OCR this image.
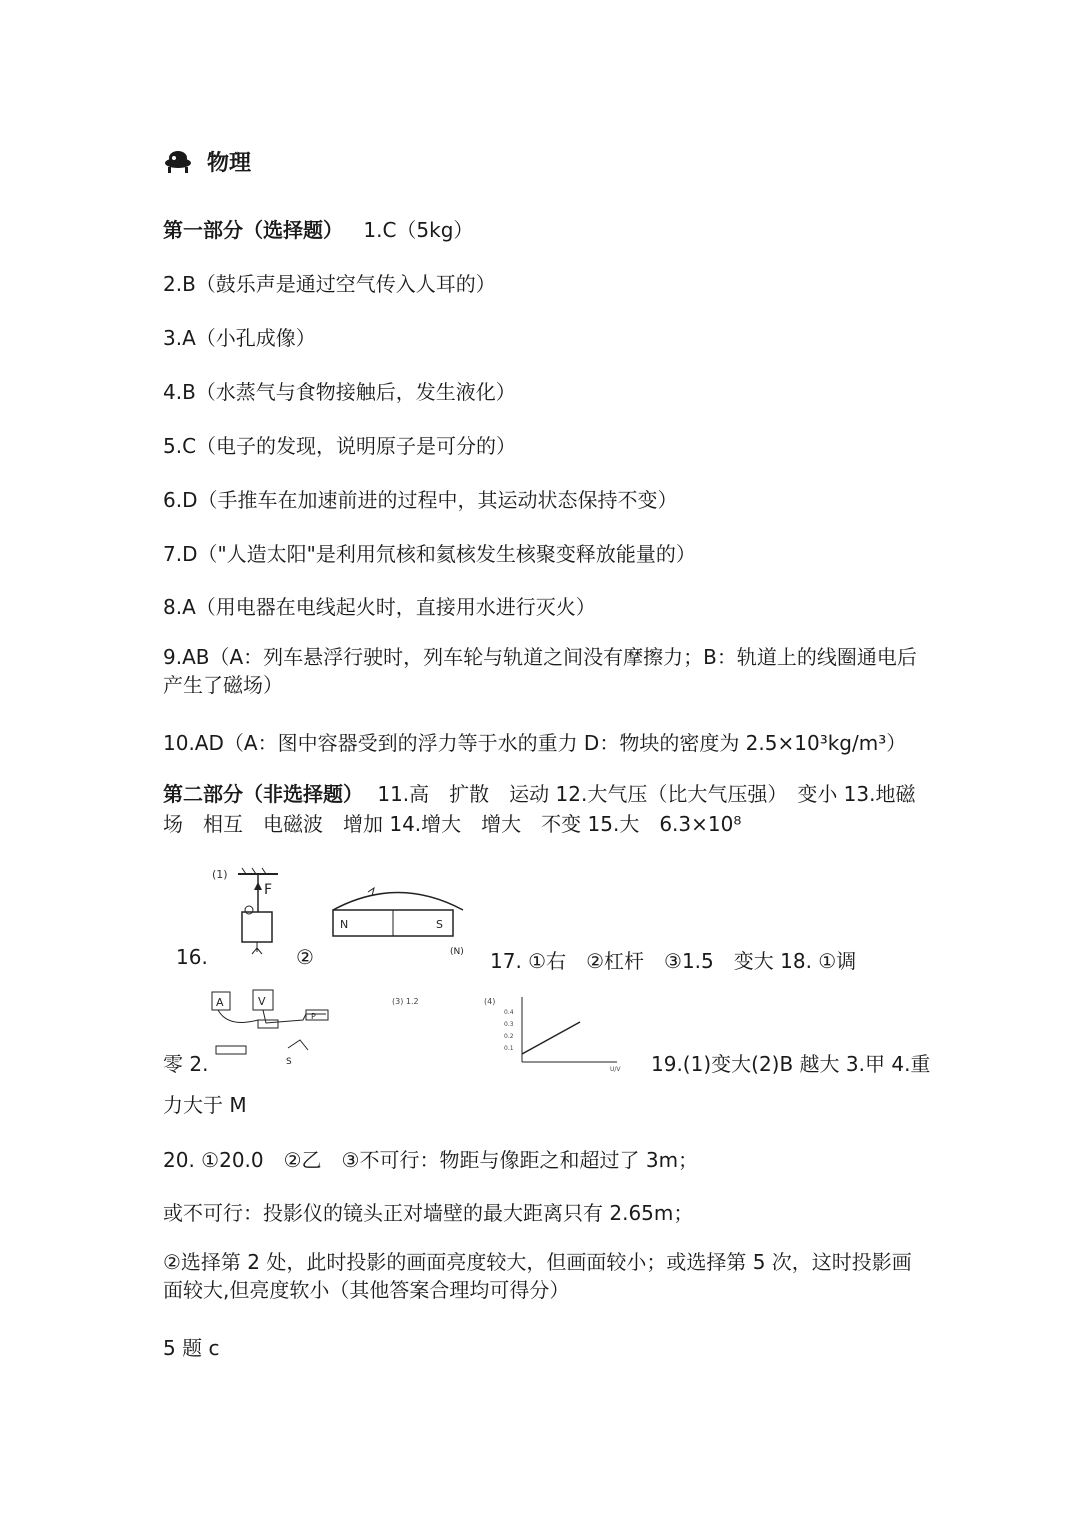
物理
第一部分（选择题） 1.C（5kg）
2.B（鼓乐声是通过空气传入人耳的）
3.A（小孔成像）
4.B（水蒸气与食物接触后，发生液化）
5.C（电子的发现，说明原子是可分的）
6.D（手推车在加速前进的过程中，其运动状态保持不变）
7.D（"人造太阳"是利用氘核和氦核发生核聚变释放能量的）
8.A（用电器在电线起火时，直接用水进行灭火）
9.AB（A：列车悬浮行驶时，列车轮与轨道之间没有摩擦力；B：轨道上的线圈通电后产生了磁场）
10.AD（A：图中容器受到的浮力等于水的重力 D：物块的密度为 2.5×10³kg/m³）
第二部分（非选择题） 11.高　扩散　运动 12.大气压（比大气压强）　变小 13.地磁场　相互　电磁波　增加 14.增大　增大　不变 15.大　6.3×10⁸
(1)
F
N	S
(N)
16.	②	17. ①右　②杠杆　③1.5　变大 18. ①调
A	V
P
S
(3) 1.2	(4)
0.4
0.3
0.2
0.1
U/V
零 2.	19.(1)变大(2)B 越大 3.甲 4.重
力大于 M
20. ①20.0　②乙　③不可行：物距与像距之和超过了 3m；
或不可行：投影仪的镜头正对墙壁的最大距离只有 2.65m；
②选择第 2 处，此时投影的画面亮度较大，但画面较小；或选择第 5 次，这时投影画面较大,但亮度软小（其他答案合理均可得分）
5 题 c
